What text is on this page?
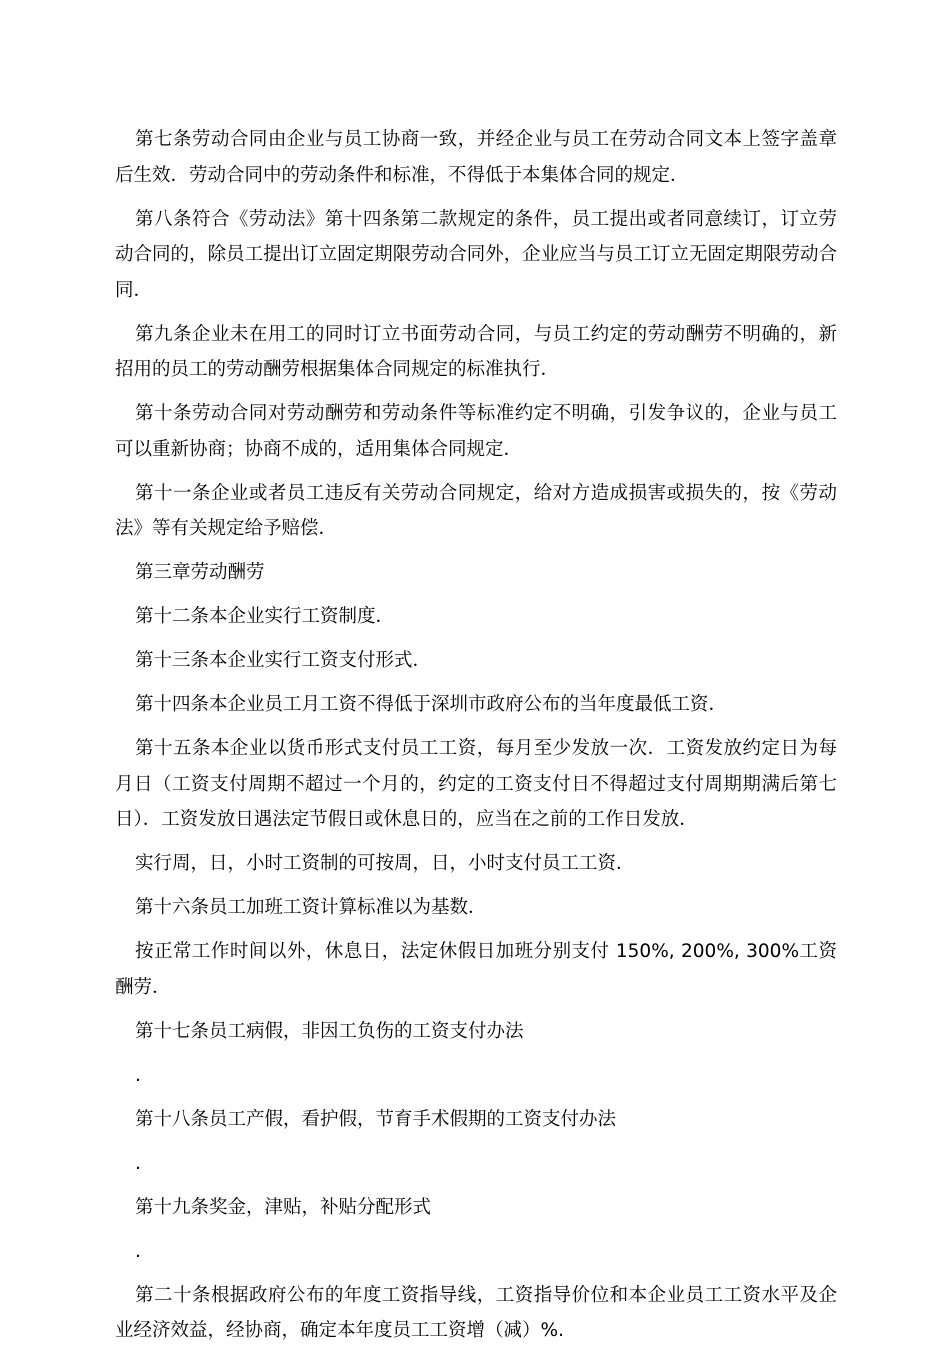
第七条劳动合同由企业与员工协商一致，并经企业与员工在劳动合同文本上签字盖章后生效．劳动合同中的劳动条件和标准，不得低于本集体合同的规定．

第八条符合《劳动法》第十四条第二款规定的条件，员工提出或者同意续订，订立劳动合同的，除员工提出订立固定期限劳动合同外，企业应当与员工订立无固定期限劳动合同．

第九条企业未在用工的同时订立书面劳动合同，与员工约定的劳动酬劳不明确的，新招用的员工的劳动酬劳根据集体合同规定的标准执行．

第十条劳动合同对劳动酬劳和劳动条件等标准约定不明确，引发争议的，企业与员工可以重新协商；协商不成的，适用集体合同规定．

第十一条企业或者员工违反有关劳动合同规定，给对方造成损害或损失的，按《劳动法》等有关规定给予赔偿．

第三章劳动酬劳

第十二条本企业实行工资制度．

第十三条本企业实行工资支付形式．

第十四条本企业员工月工资不得低于深圳市政府公布的当年度最低工资．

第十五条本企业以货币形式支付员工工资，每月至少发放一次．工资发放约定日为每月日（工资支付周期不超过一个月的，约定的工资支付日不得超过支付周期期满后第七日）．工资发放日遇法定节假日或休息日的，应当在之前的工作日发放．

实行周，日，小时工资制的可按周，日，小时支付员工工资．

第十六条员工加班工资计算标准以为基数．

按正常工作时间以外，休息日，法定休假日加班分别支付 150%, 200%, 300%工资酬劳．

第十七条员工病假，非因工负伤的工资支付办法

.

第十八条员工产假，看护假，节育手术假期的工资支付办法

.

第十九条奖金，津贴，补贴分配形式

.

第二十条根据政府公布的年度工资指导线，工资指导价位和本企业员工工资水平及企业经济效益，经协商，确定本年度员工工资增（减）%.
